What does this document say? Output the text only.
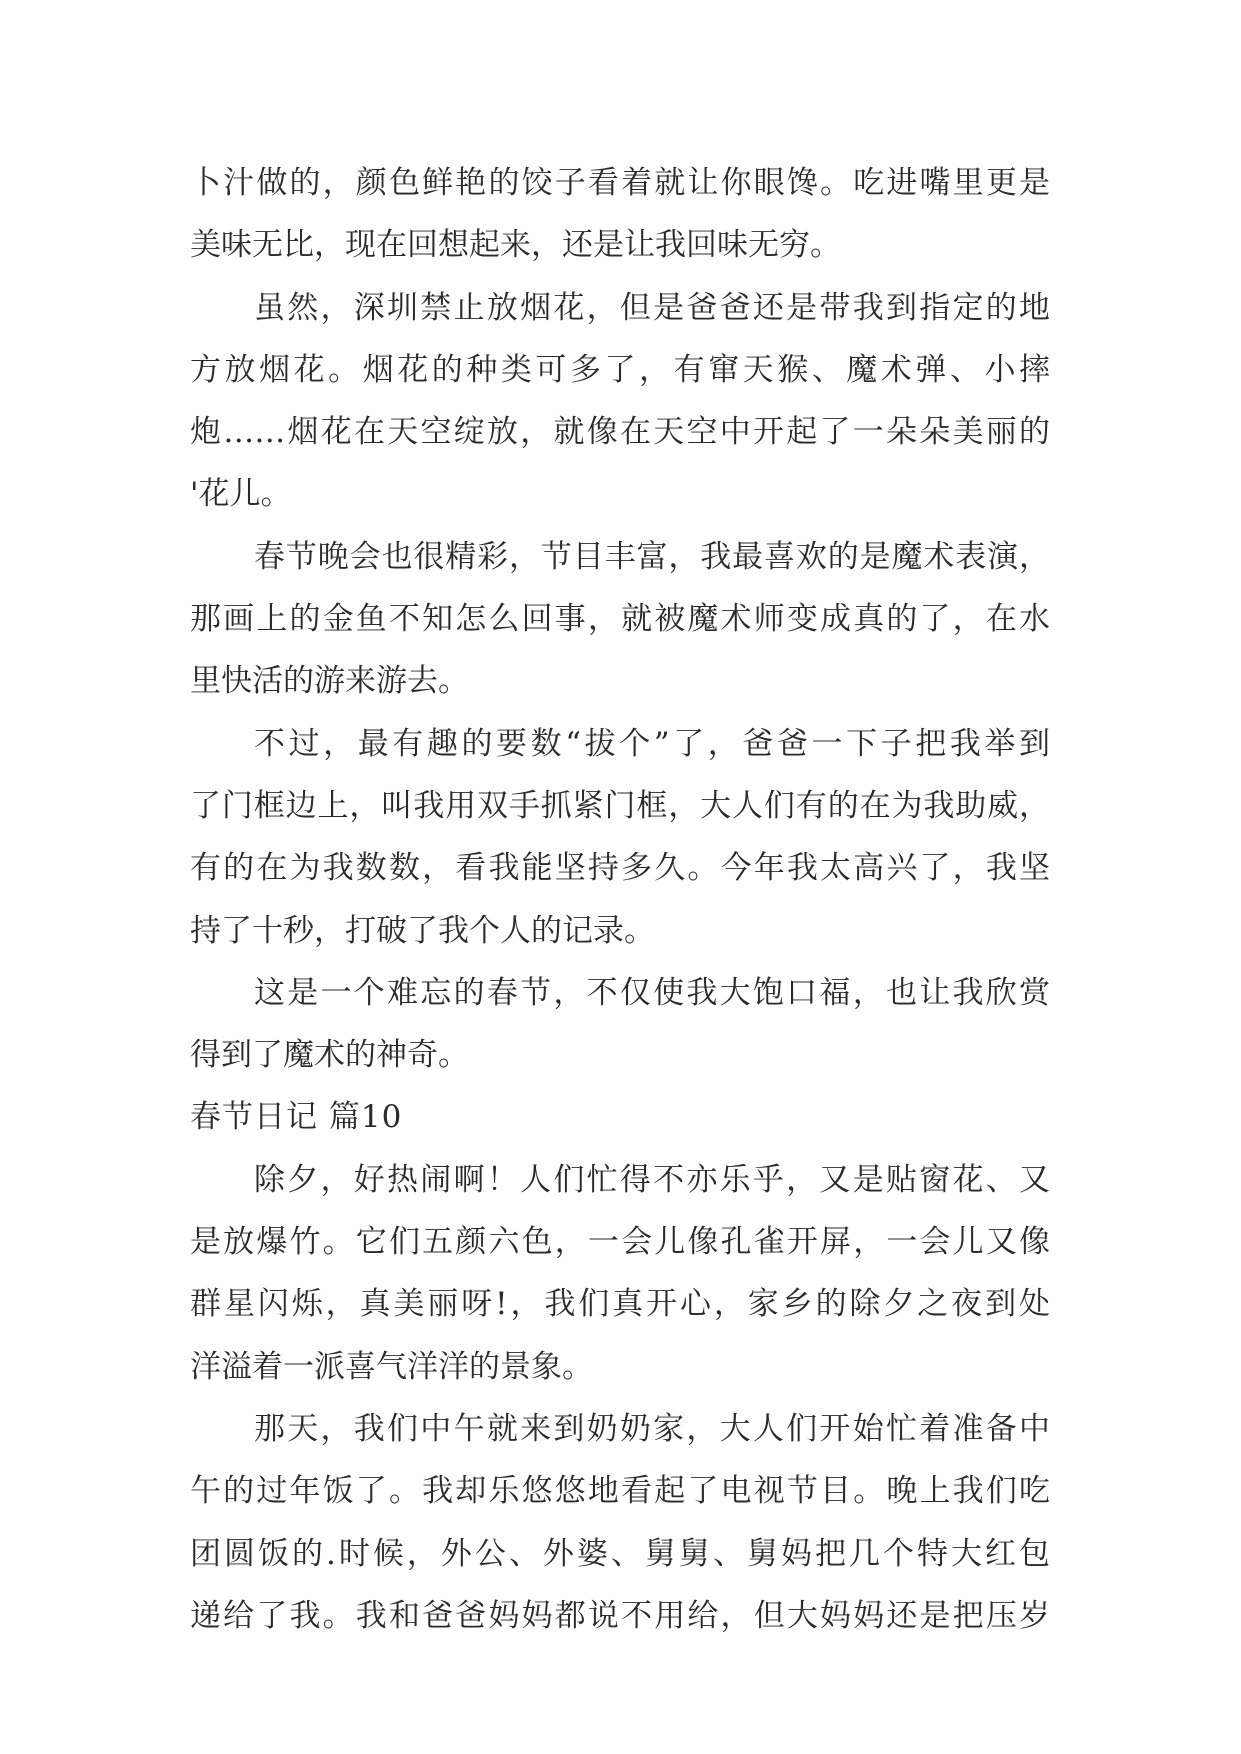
卜汁做的，颜色鲜艳的饺子看着就让你眼馋。吃进嘴里更是
美味无比，现在回想起来，还是让我回味无穷。
虽然，深圳禁止放烟花，但是爸爸还是带我到指定的地
方放烟花。烟花的种类可多了，有窜天猴、魔术弹、小摔
炮……烟花在天空绽放，就像在天空中开起了一朵朵美丽的
'花儿。
春节晚会也很精彩，节目丰富，我最喜欢的是魔术表演，
那画上的金鱼不知怎么回事，就被魔术师变成真的了，在水
里快活的游来游去。
不过，最有趣的要数“拔个”了，爸爸一下子把我举到
了门框边上，叫我用双手抓紧门框，大人们有的在为我助威，
有的在为我数数，看我能坚持多久。今年我太高兴了，我坚
持了十秒，打破了我个人的记录。
这是一个难忘的春节，不仅使我大饱口福，也让我欣赏
得到了魔术的神奇。
春节日记 篇10
除夕，好热闹啊！人们忙得不亦乐乎，又是贴窗花、又
是放爆竹。它们五颜六色，一会儿像孔雀开屏，一会儿又像
群星闪烁，真美丽呀!，我们真开心，家乡的除夕之夜到处
洋溢着一派喜气洋洋的景象。
那天，我们中午就来到奶奶家，大人们开始忙着准备中
午的过年饭了。我却乐悠悠地看起了电视节目。晚上我们吃
团圆饭的.时候，外公、外婆、舅舅、舅妈把几个特大红包
递给了我。我和爸爸妈妈都说不用给，但大妈妈还是把压岁
